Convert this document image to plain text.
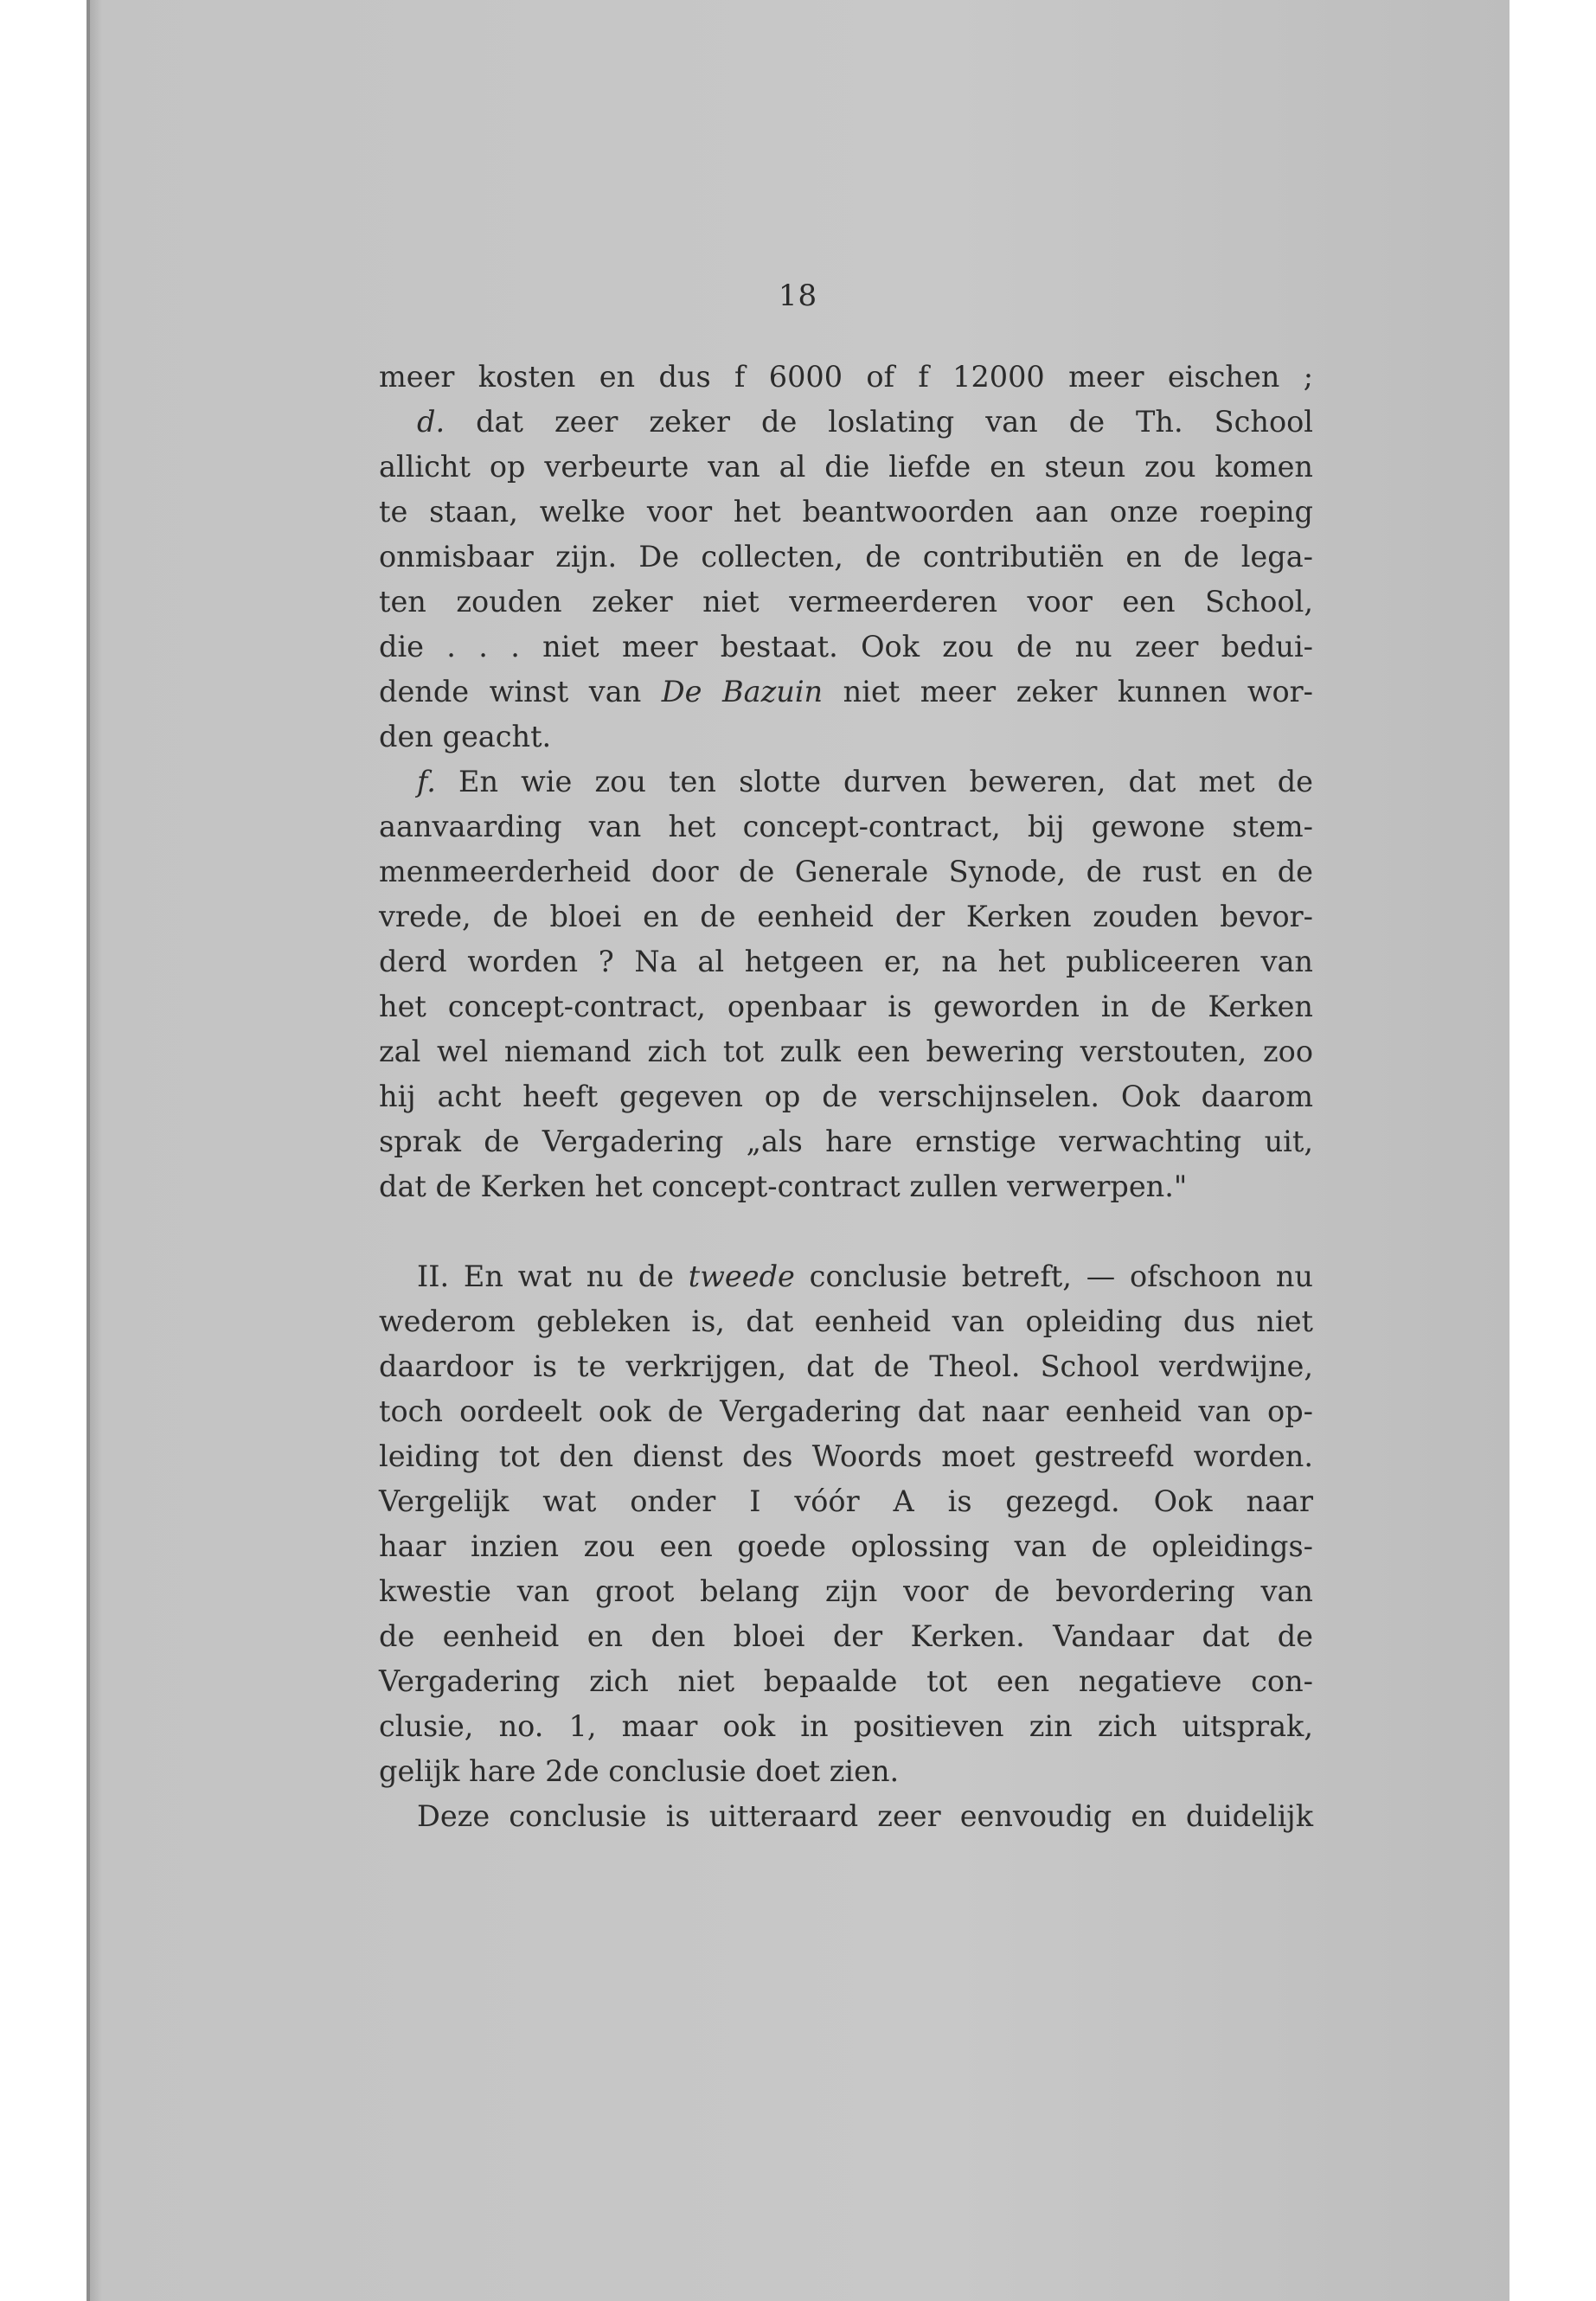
18
meer kosten en dus f 6000 of f 12000 meer eischen ;
d. dat zeer zeker de loslating van de Th. School
allicht op verbeurte van al die liefde en steun zou komen
te staan, welke voor het beantwoorden aan onze roeping
onmisbaar zijn. De collecten, de contributiën en de lega-
ten zouden zeker niet vermeerderen voor een School,
die . . . niet meer bestaat. Ook zou de nu zeer bedui-
dende winst van De Bazuin niet meer zeker kunnen wor-
den geacht.
f. En wie zou ten slotte durven beweren, dat met de
aanvaarding van het concept-contract, bij gewone stem-
menmeerderheid door de Generale Synode, de rust en de
vrede, de bloei en de eenheid der Kerken zouden bevor-
derd worden ? Na al hetgeen er, na het publiceeren van
het concept-contract, openbaar is geworden in de Kerken
zal wel niemand zich tot zulk een bewering verstouten, zoo
hij acht heeft gegeven op de verschijnselen. Ook daarom
sprak de Vergadering „als hare ernstige verwachting uit,
dat de Kerken het concept-contract zullen verwerpen."
II. En wat nu de tweede conclusie betreft, — ofschoon nu
wederom gebleken is, dat eenheid van opleiding dus niet
daardoor is te verkrijgen, dat de Theol. School verdwijne,
toch oordeelt ook de Vergadering dat naar eenheid van op-
leiding tot den dienst des Woords moet gestreefd worden.
Vergelijk wat onder I vóór A is gezegd. Ook naar
haar inzien zou een goede oplossing van de opleidings-
kwestie van groot belang zijn voor de bevordering van
de eenheid en den bloei der Kerken. Vandaar dat de
Vergadering zich niet bepaalde tot een negatieve con-
clusie, no. 1, maar ook in positieven zin zich uitsprak,
gelijk hare 2de conclusie doet zien.
Deze conclusie is uitteraard zeer eenvoudig en duidelijk
